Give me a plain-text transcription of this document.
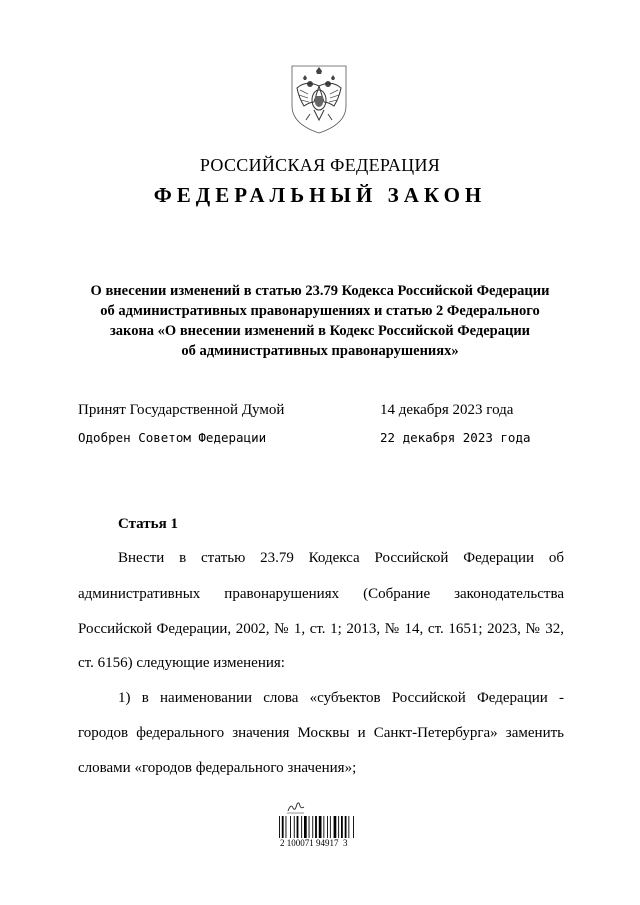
РОССИЙСКАЯ ФЕДЕРАЦИЯ
ФЕДЕРАЛЬНЫЙ ЗАКОН
О внесении изменений в статью 23.79 Кодекса Российской Федерации
об административных правонарушениях и статью 2 Федерального
закона «О внесении изменений в Кодекс Российской Федерации
об административных правонарушениях»
Принят Государственной Думой	14 декабря 2023 года
Одобрен Советом Федерации	22 декабря 2023 года
Статья 1
Внести в статью 23.79 Кодекса Российской Федерации об
административных правонарушениях (Собрание законодательства
Российской Федерации, 2002, № 1, ст. 1; 2013, № 14, ст. 1651; 2023, № 32,
ст. 6156) следующие изменения:
1) в наименовании слова «субъектов Российской Федерации -
городов федерального значения Москвы и Санкт-Петербурга» заменить
словами «городов федерального значения»;
2 100071 94917  3
